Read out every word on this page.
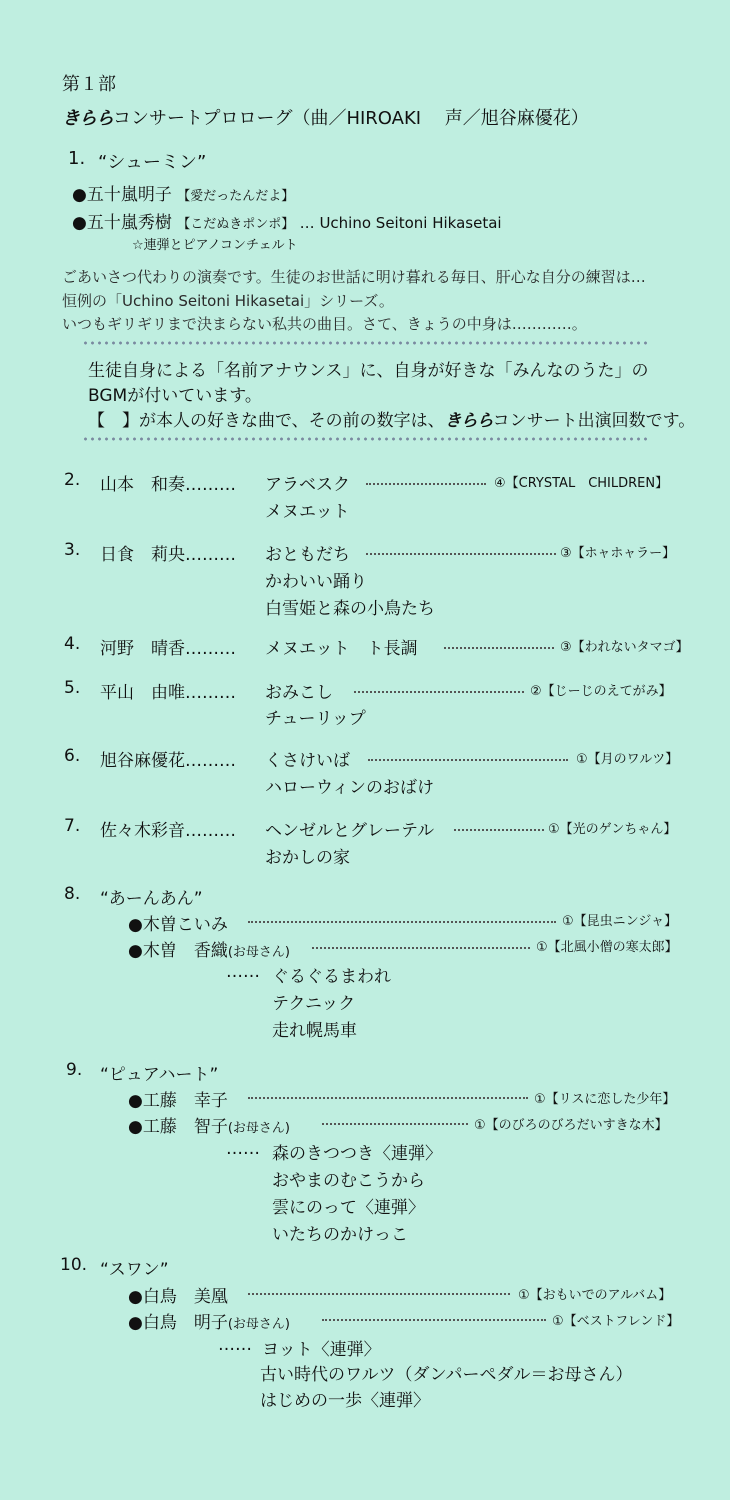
第１部
きららコンサートプロローグ（曲／HIROAKI　 声／旭谷麻優花）
1. “シューミン”
●五十嵐明子 【愛だったんだよ】
●五十嵐秀樹 【こだぬきポンポ】 … Uchino Seitoni Hikasetai
☆連弾とピアノコンチェルト
ごあいさつ代わりの演奏です。生徒のお世話に明け暮れる毎日、肝心な自分の練習は…
恒例の「Uchino Seitoni Hikasetai」シリーズ。
いつもギリギリまで決まらない私共の曲目。さて、きょうの中身は…………。
生徒自身による「名前アナウンス」に、自身が好きな「みんなのうた」の
BGMが付いています。
【　】が本人の好きな曲で、その前の数字は、きららコンサート出演回数です。
2. 山本　和奏……… アラベスク	④【CRYSTAL　CHILDREN】
メヌエット
3. 日食　莉央……… おともだち	③【ホャホャラー】
かわいい踊り
白雪姫と森の小鳥たち
4. 河野　晴香……… メヌエット　ト長調	③【われないタマゴ】
5. 平山　由唯……… おみこし	②【じーじのえてがみ】
チューリップ
6. 旭谷麻優花……… くさけいば	①【月のワルツ】
ハローウィンのおばけ
7. 佐々木彩音……… ヘンゼルとグレーテル	①【光のゲンちゃん】
おかしの家
8. “あーんあん”
●木曽こいみ	①【昆虫ニンジャ】
●木曽　香織(お母さん)	①【北風小僧の寒太郎】
…… ぐるぐるまわれ
テクニック
走れ幌馬車
9. “ピュアハート”
●工藤　幸子	①【リスに恋した少年】
●工藤　智子(お母さん)	①【のびろのびろだいすきな木】
…… 森のきつつき〈連弾〉
おやまのむこうから
雲にのって〈連弾〉
いたちのかけっこ
10. “スワン”
●白鳥　美凰	①【おもいでのアルバム】
●白鳥　明子(お母さん)	①【ベストフレンド】
…… ヨット〈連弾〉
古い時代のワルツ（ダンパーペダル＝お母さん）
はじめの一歩〈連弾〉
